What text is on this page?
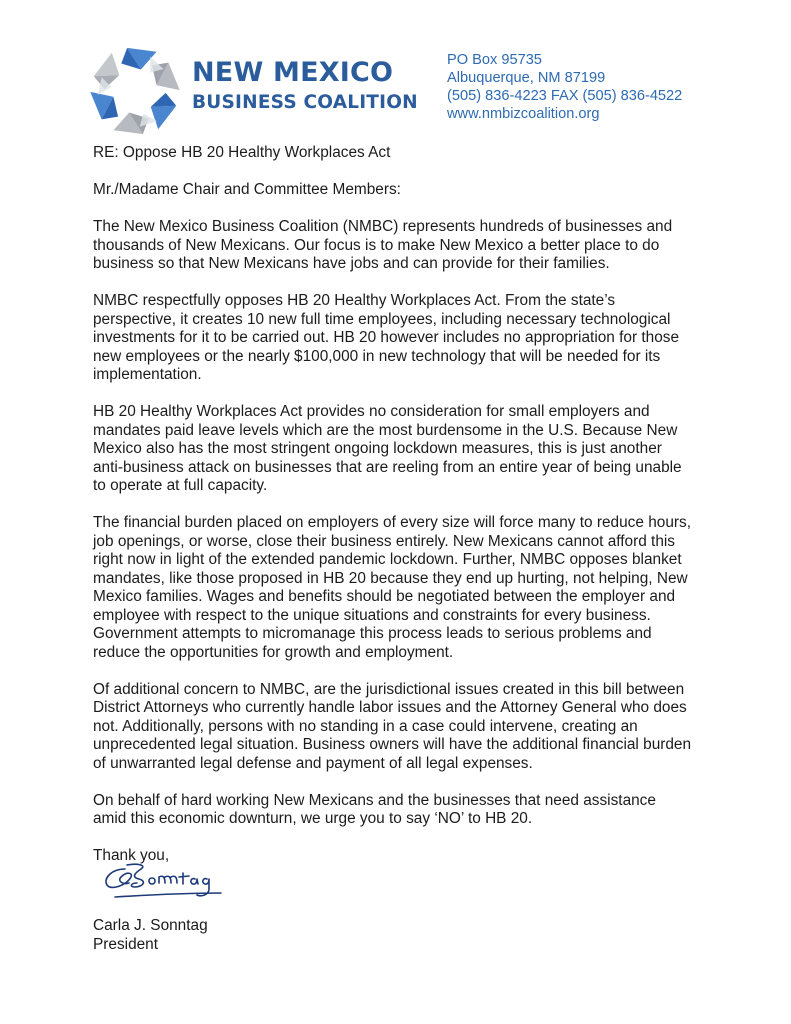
NEW MEXICO
BUSINESS COALITION
PO Box 95735
Albuquerque, NM 87199
(505) 836-4223 FAX (505) 836-4522
www.nmbizcoalition.org

RE: Oppose HB 20 Healthy Workplaces Act

Mr./Madame Chair and Committee Members:

The New Mexico Business Coalition (NMBC) represents hundreds of businesses and
thousands of New Mexicans. Our focus is to make New Mexico a better place to do
business so that New Mexicans have jobs and can provide for their families.

NMBC respectfully opposes HB 20 Healthy Workplaces Act. From the state’s
perspective, it creates 10 new full time employees, including necessary technological
investments for it to be carried out. HB 20 however includes no appropriation for those
new employees or the nearly $100,000 in new technology that will be needed for its
implementation.

HB 20 Healthy Workplaces Act provides no consideration for small employers and
mandates paid leave levels which are the most burdensome in the U.S. Because New
Mexico also has the most stringent ongoing lockdown measures, this is just another
anti-business attack on businesses that are reeling from an entire year of being unable
to operate at full capacity.

The financial burden placed on employers of every size will force many to reduce hours,
job openings, or worse, close their business entirely. New Mexicans cannot afford this
right now in light of the extended pandemic lockdown. Further, NMBC opposes blanket
mandates, like those proposed in HB 20 because they end up hurting, not helping, New
Mexico families. Wages and benefits should be negotiated between the employer and
employee with respect to the unique situations and constraints for every business.
Government attempts to micromanage this process leads to serious problems and
reduce the opportunities for growth and employment.

Of additional concern to NMBC, are the jurisdictional issues created in this bill between
District Attorneys who currently handle labor issues and the Attorney General who does
not. Additionally, persons with no standing in a case could intervene, creating an
unprecedented legal situation. Business owners will have the additional financial burden
of unwarranted legal defense and payment of all legal expenses.

On behalf of hard working New Mexicans and the businesses that need assistance
amid this economic downturn, we urge you to say ‘NO’ to HB 20.

Thank you,

Carla J. Sonntag
President
